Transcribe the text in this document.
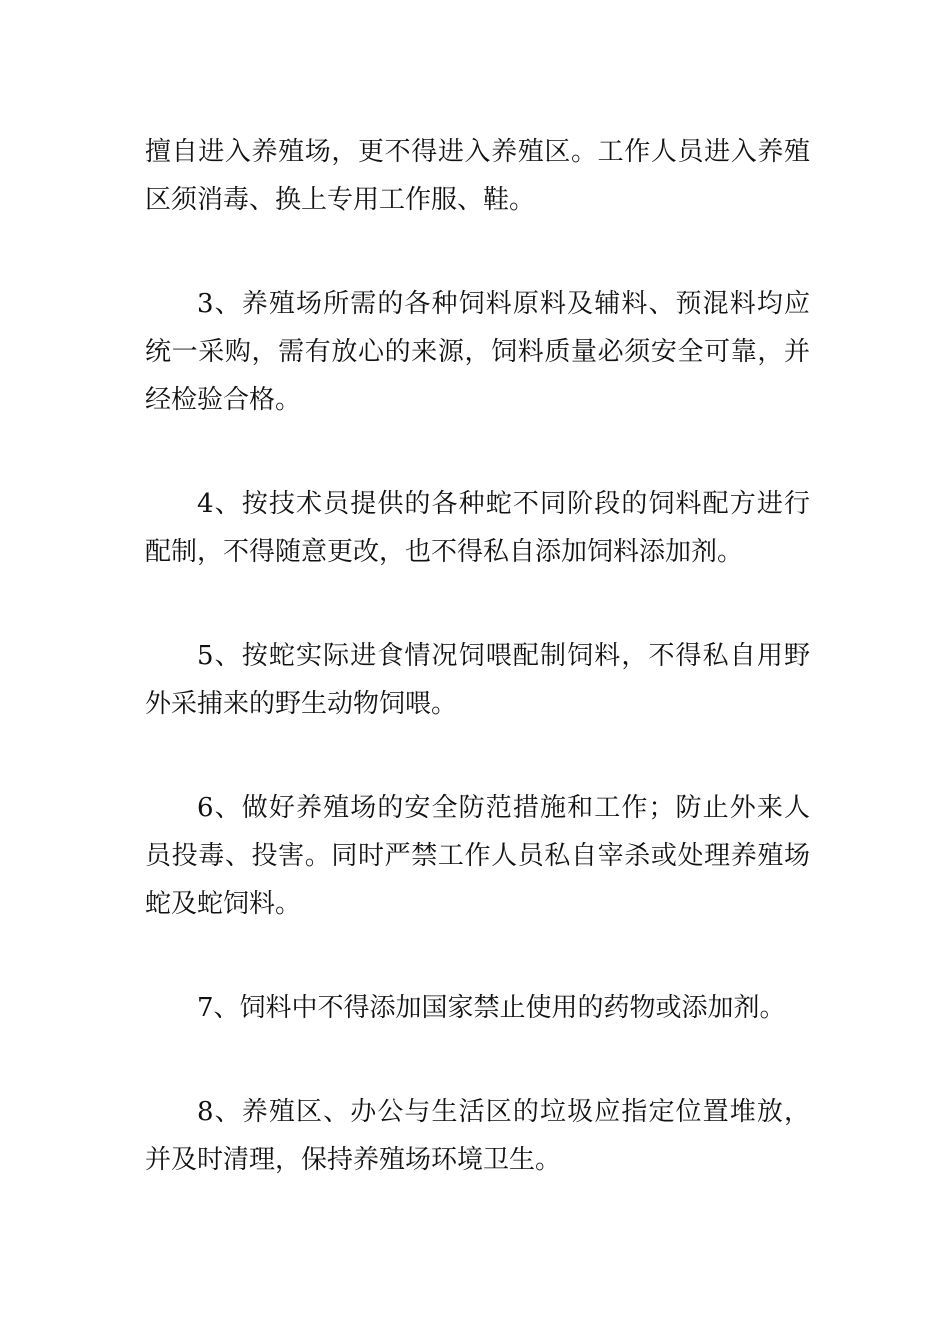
擅自进入养殖场，更不得进入养殖区。工作人员进入养殖区须消毒、换上专用工作服、鞋。

3、养殖场所需的各种饲料原料及辅料、预混料均应统一采购，需有放心的来源，饲料质量必须安全可靠，并经检验合格。

4、按技术员提供的各种蛇不同阶段的饲料配方进行配制，不得随意更改，也不得私自添加饲料添加剂。

5、按蛇实际进食情况饲喂配制饲料，不得私自用野外采捕来的野生动物饲喂。

6、做好养殖场的安全防范措施和工作；防止外来人员投毒、投害。同时严禁工作人员私自宰杀或处理养殖场蛇及蛇饲料。

7、饲料中不得添加国家禁止使用的药物或添加剂。

8、养殖区、办公与生活区的垃圾应指定位置堆放，并及时清理，保持养殖场环境卫生。
